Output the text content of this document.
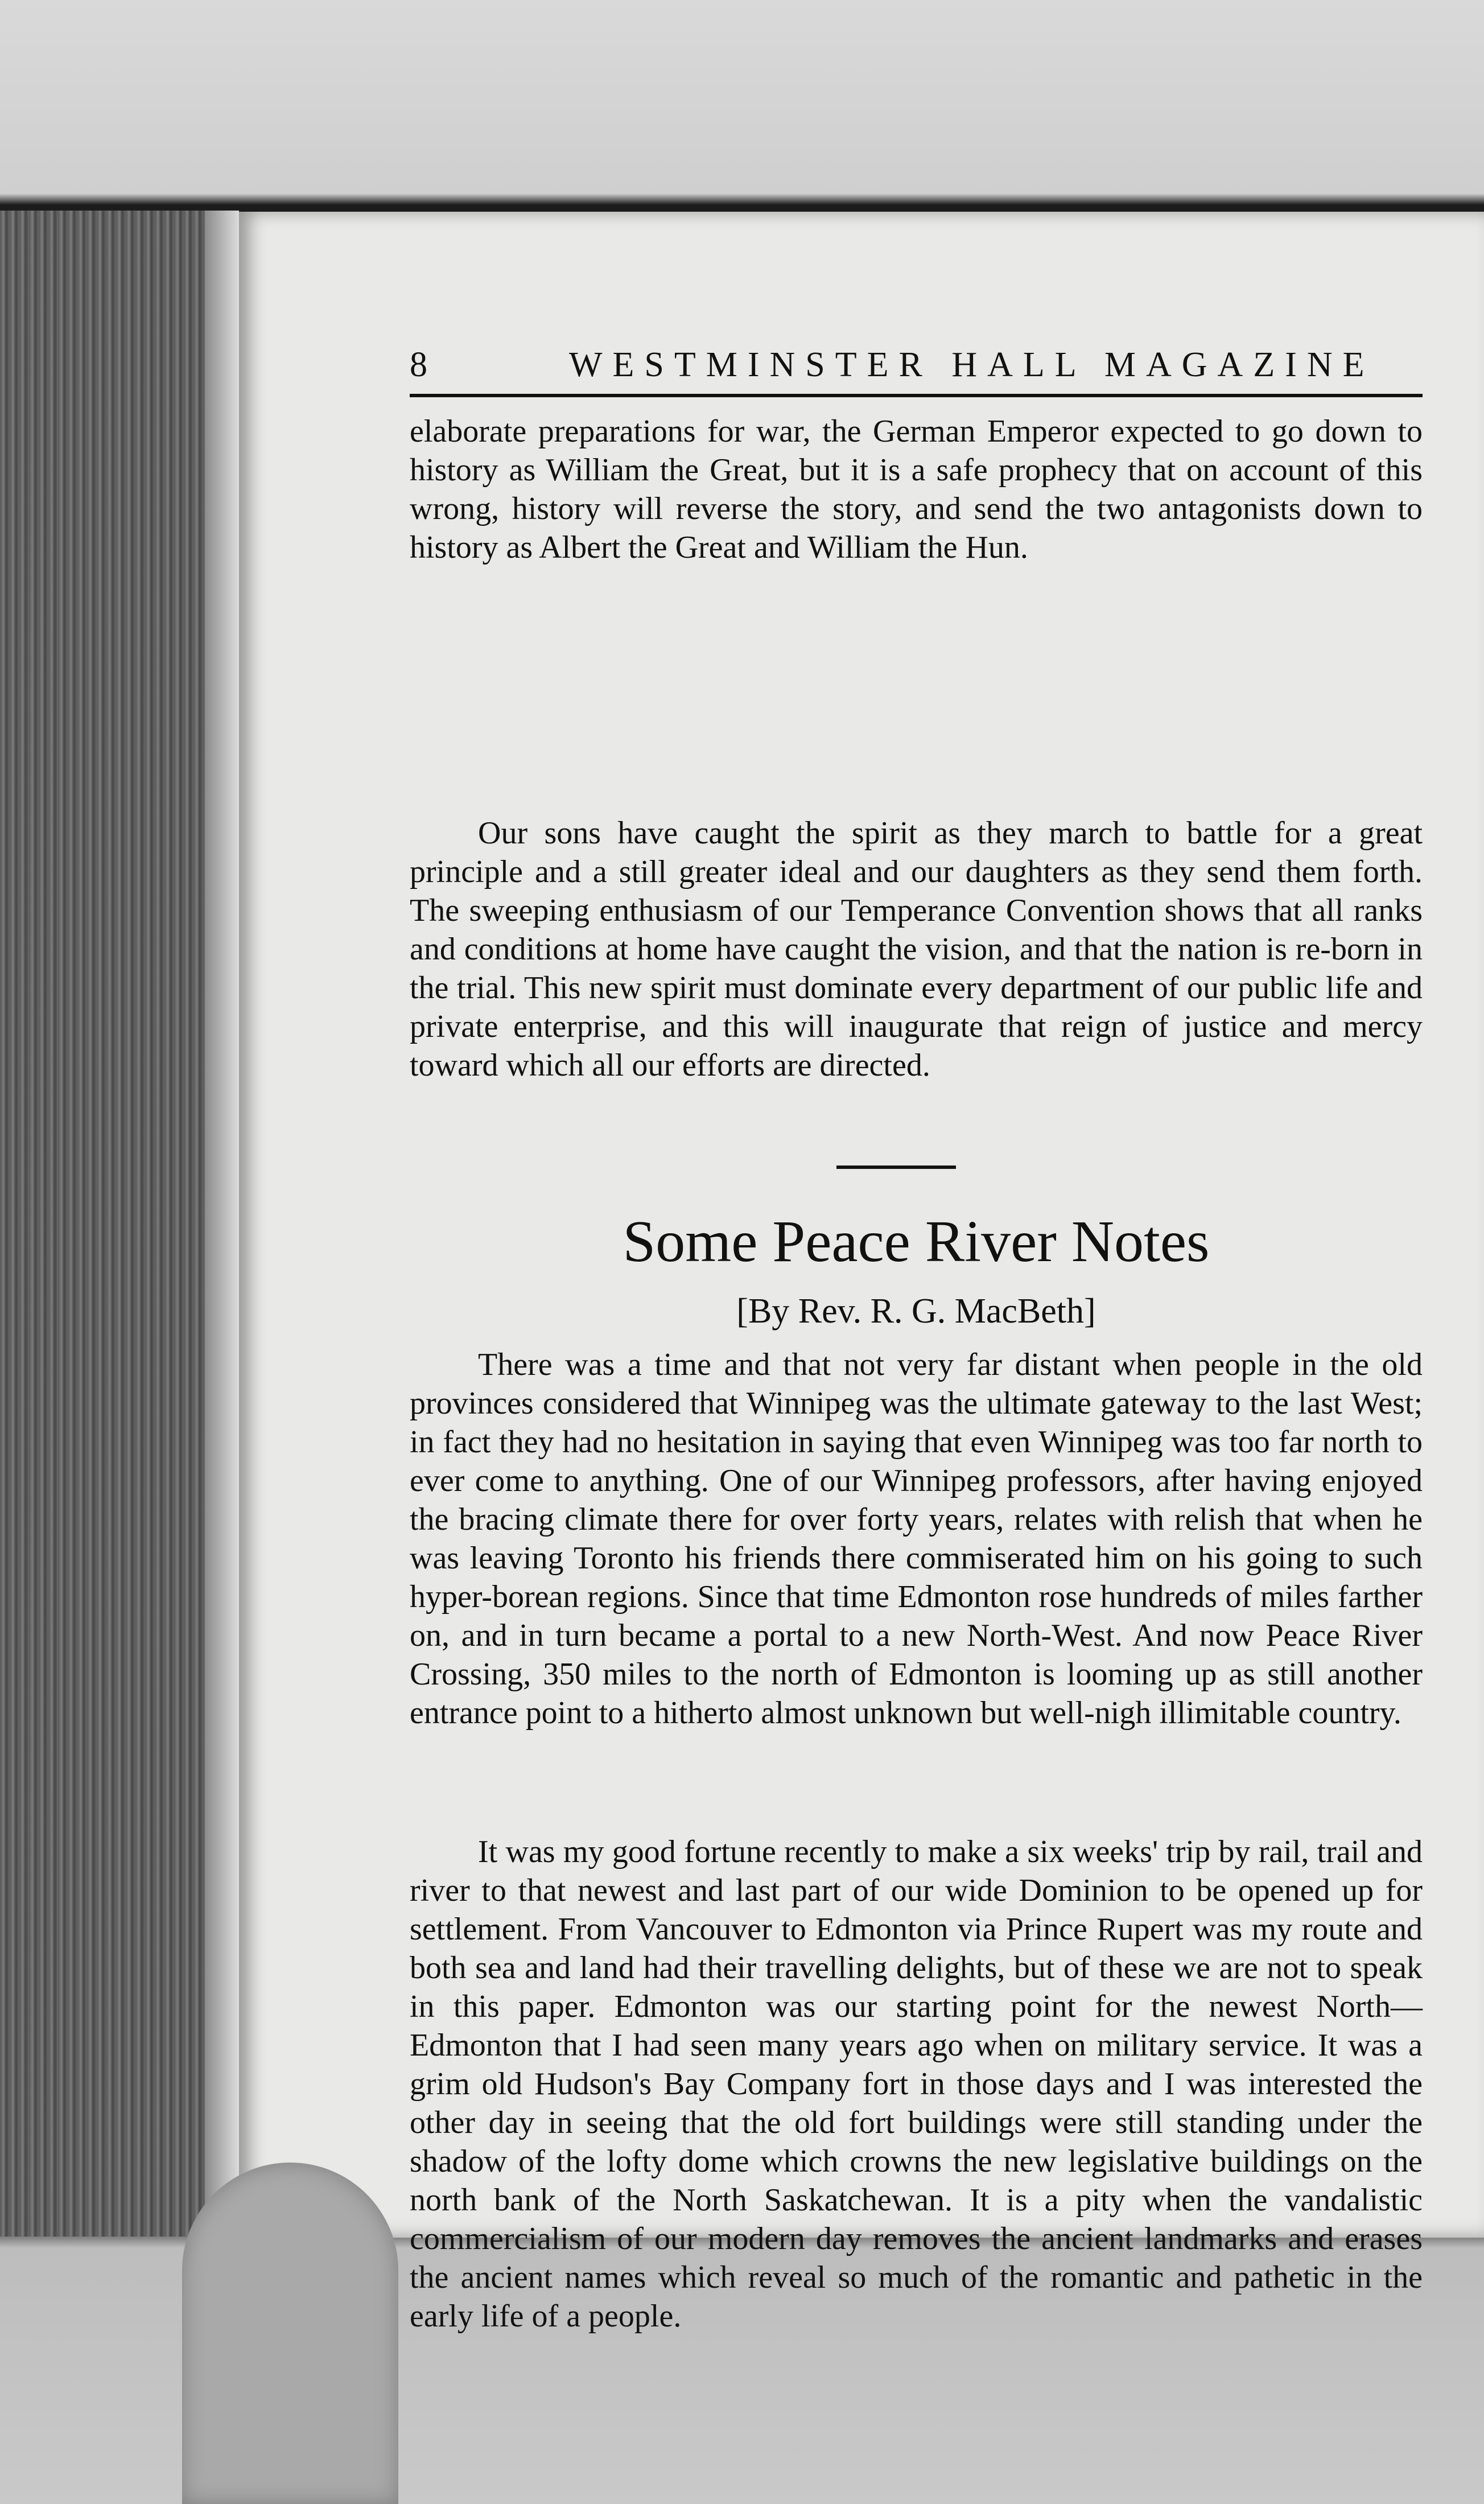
8	WESTMINSTER HALL MAGAZINE

elaborate preparations for war, the German Emperor expected to go down to history as William the Great, but it is a safe prophecy that on account of this wrong, history will reverse the story, and send the two antagonists down to history as Albert the Great and William the Hun.

Our sons have caught the spirit as they march to battle for a great principle and a still greater ideal and our daughters as they send them forth. The sweeping enthusiasm of our Temperance Convention shows that all ranks and conditions at home have caught the vision, and that the nation is re-born in the trial. This new spirit must dominate every department of our public life and private enterprise, and this will inaugurate that reign of justice and mercy toward which all our efforts are directed.

Some Peace River Notes
[By Rev. R. G. MacBeth]

There was a time and that not very far distant when people in the old provinces considered that Winnipeg was the ultimate gateway to the last West; in fact they had no hesitation in saying that even Winnipeg was too far north to ever come to anything. One of our Winnipeg professors, after having enjoyed the bracing climate there for over forty years, relates with relish that when he was leaving Toronto his friends there commiserated him on his going to such hyper-borean regions. Since that time Edmonton rose hundreds of miles farther on, and in turn became a portal to a new North-West. And now Peace River Crossing, 350 miles to the north of Edmonton is looming up as still another entrance point to a hitherto almost unknown but well-nigh illimitable country.

It was my good fortune recently to make a six weeks' trip by rail, trail and river to that newest and last part of our wide Dominion to be opened up for settlement. From Vancouver to Edmonton via Prince Rupert was my route and both sea and land had their travelling delights, but of these we are not to speak in this paper. Edmonton was our starting point for the newest North—Edmonton that I had seen many years ago when on military service. It was a grim old Hudson's Bay Company fort in those days and I was interested the other day in seeing that the old fort buildings were still standing under the shadow of the lofty dome which crowns the new legislative buildings on the north bank of the North Saskatchewan. It is a pity when the vandalistic commercialism of our modern day removes the ancient landmarks and erases the ancient names which reveal so much of the romantic and pathetic in the early life of a people.
